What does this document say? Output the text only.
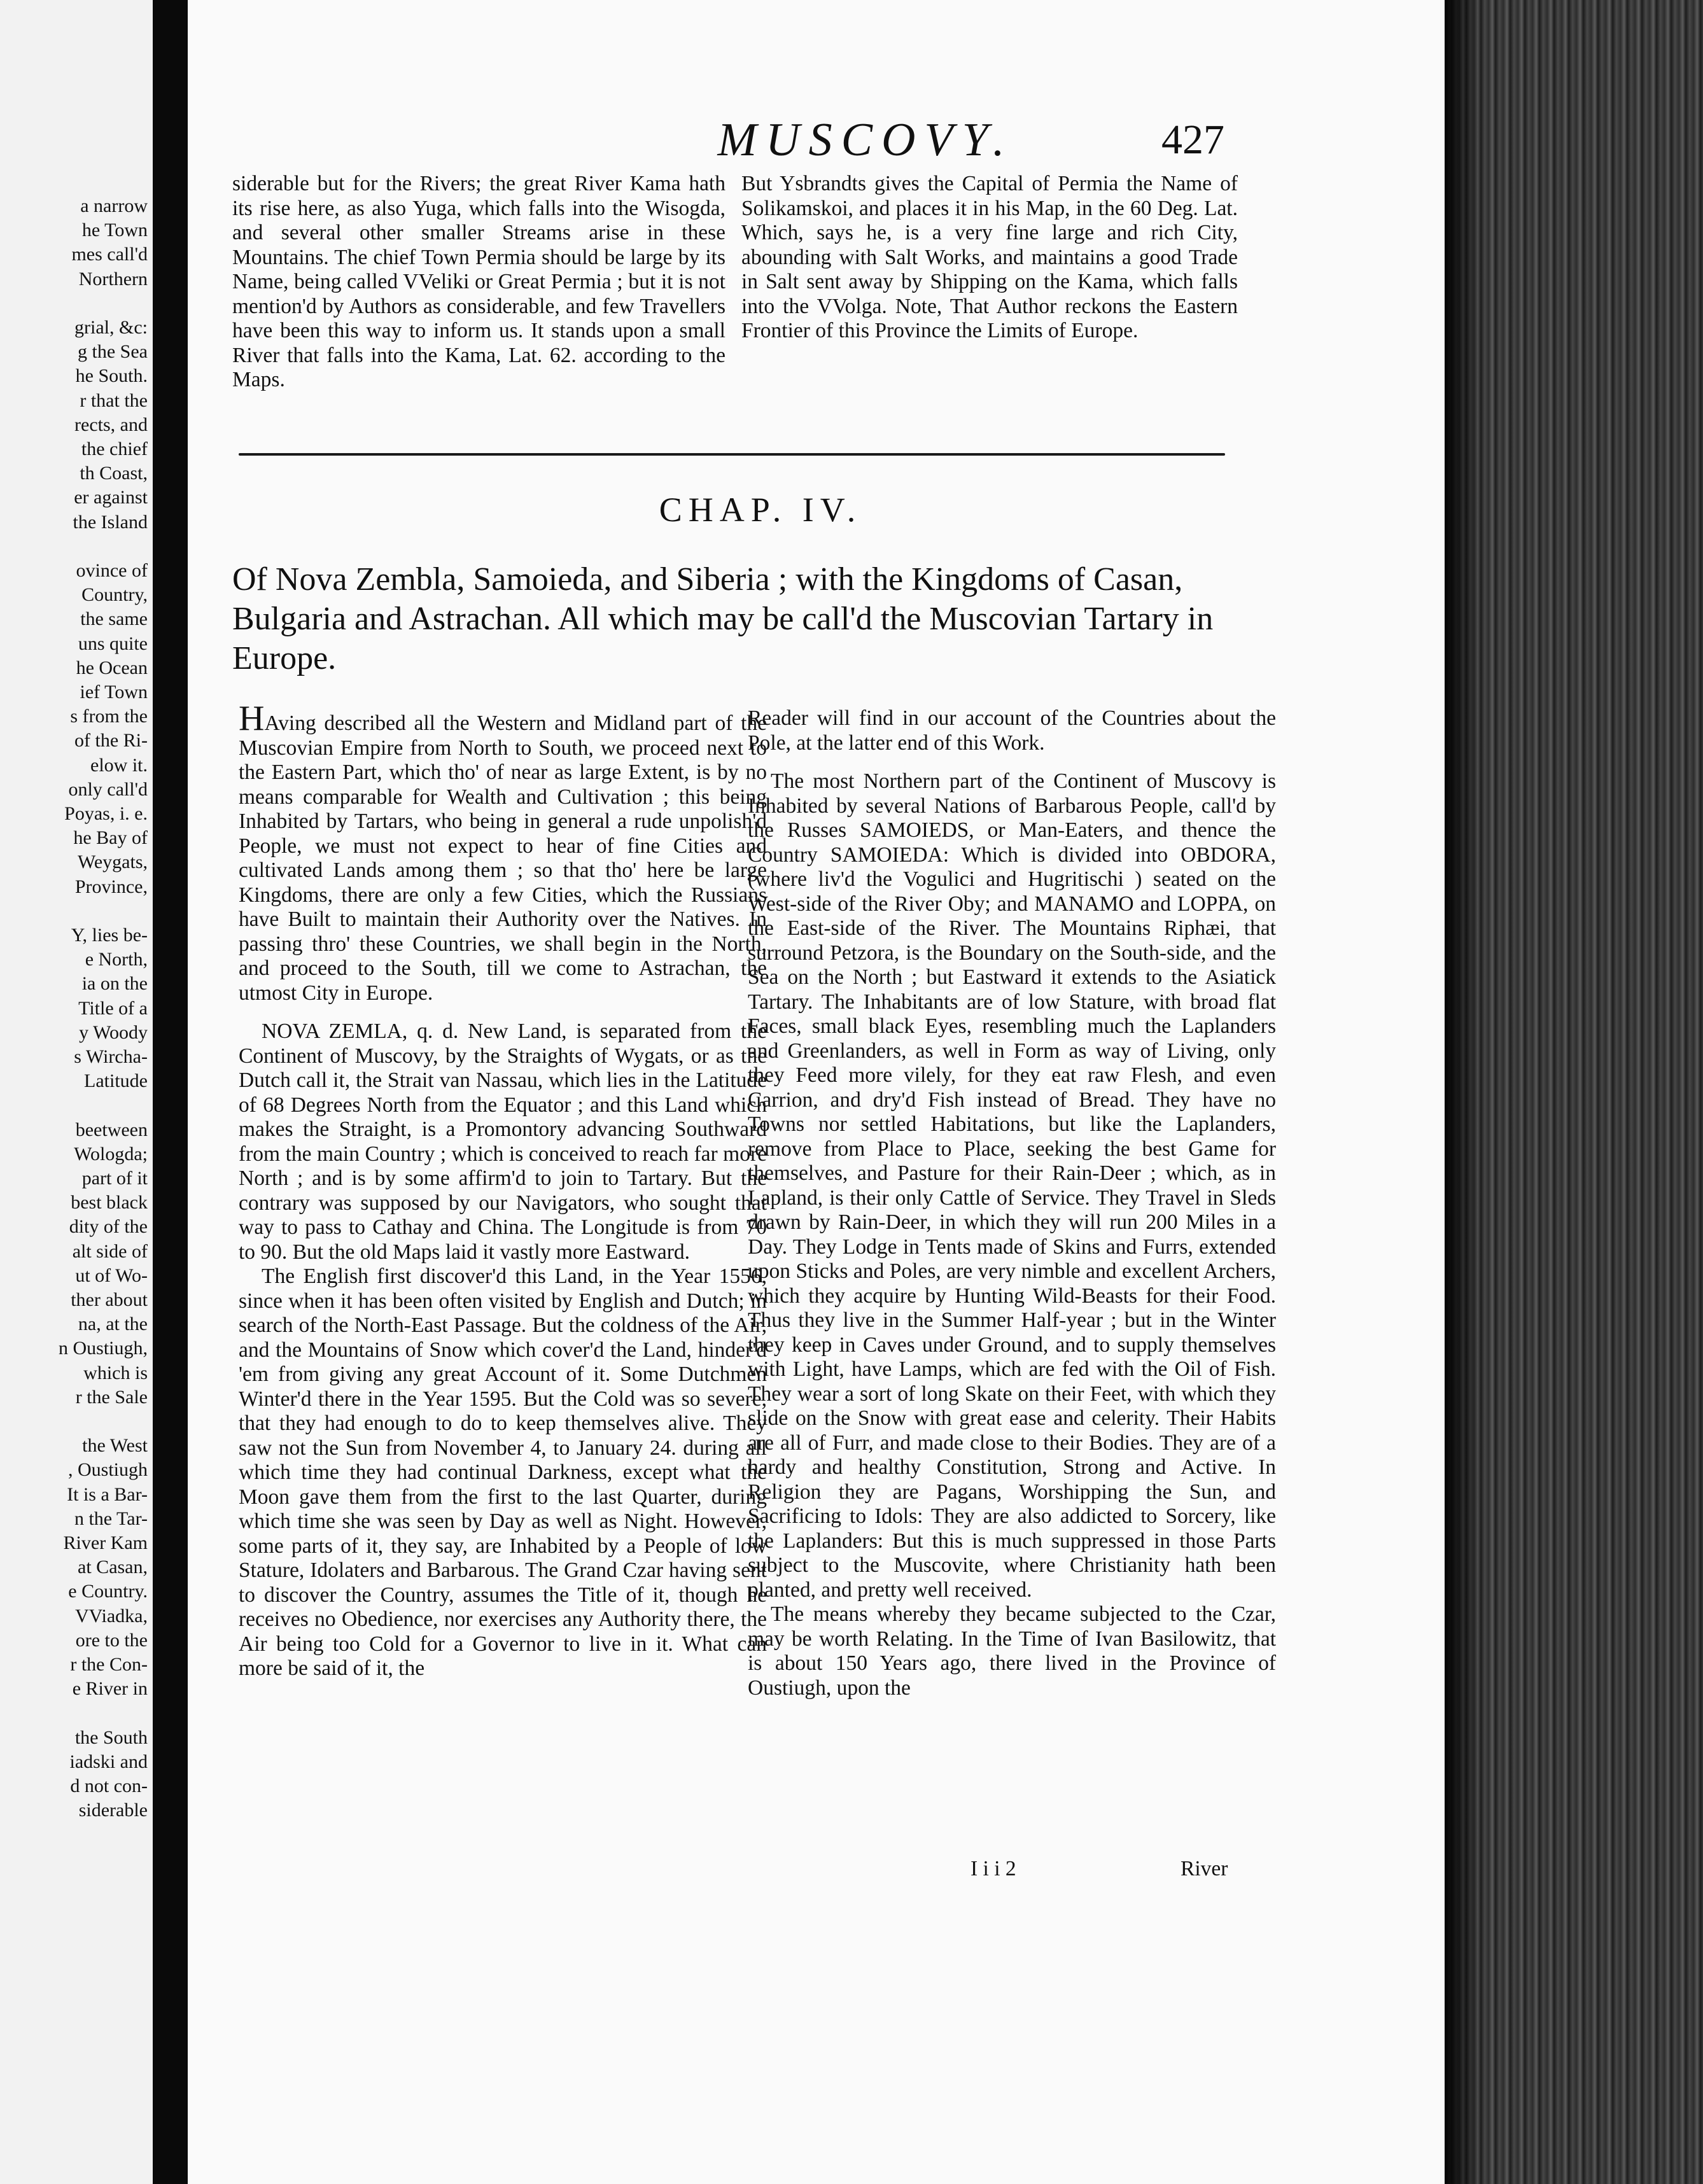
a narrow
he Town
mes call'd
Northern
grial, &c:
g the Sea
he South.
r that the
rects, and
the chief
th Coast,
er against
the Island
ovince of
Country,
the same
uns quite
he Ocean
ief Town
s from the
of the Ri-
elow it.
only call'd
Poyas, i. e.
he Bay of
Weygats,
Province,
Y, lies be-
e North,
ia on the
Title of a
y Woody
s Wircha-
Latitude
beetween
Wologda;
part of it
best black
dity of the
alt side of
ut of Wo-
ther about
na, at the
n Oustiugh,
which is
r the Sale
the West
, Oustiugh
It is a Bar-
n the Tar-
River Kam
at Casan,
e Country.
VViadka,
ore to the
r the Con-
e River in
the South
iadski and
d not con-
siderable
MUSCOVY.	427

siderable but for the Rivers; the great River Kama hath its rise here, as also Yuga, which falls into the Wisogda, and several other smaller Streams arise in these Mountains. The chief Town Permia should be large by its Name, being called VVeliki or Great Permia ; but it is not mention'd by Authors as considerable, and few Travellers have been this way to inform us. It stands upon a small River that falls into the Kama, Lat. 62. according to the Maps.

But Ysbrandts gives the Capital of Permia the Name of Solikamskoi, and places it in his Map, in the 60 Deg. Lat. Which, says he, is a very fine large and rich City, abounding with Salt Works, and maintains a good Trade in Salt sent away by Shipping on the Kama, which falls into the VVolga. Note, That Author reckons the Eastern Frontier of this Province the Limits of Europe.

CHAP. IV.
Of Nova Zembla, Samoieda, and Siberia ; with the Kingdoms of Casan, Bulgaria and Astrachan. All which may be call'd the Muscovian Tartary in Europe.

HAving described all the Western and Midland part of the Muscovian Empire from North to South, we proceed next to the Eastern Part, which tho' of near as large Extent, is by no means comparable for Wealth and Cultivation ; this being Inhabited by Tartars, who being in general a rude unpolish'd People, we must not expect to hear of fine Cities and cultivated Lands among them ; so that tho' here be large Kingdoms, there are only a few Cities, which the Russians have Built to maintain their Authority over the Natives. In passing thro' these Countries, we shall begin in the North, and proceed to the South, till we come to Astrachan, the utmost City in Europe.

NOVA ZEMLA, q. d. New Land, is separated from the Continent of Muscovy, by the Straights of Wygats, or as the Dutch call it, the Strait van Nassau, which lies in the Latitude of 68 Degrees North from the Equator ; and this Land which makes the Straight, is a Promontory advancing Southward from the main Country ; which is conceived to reach far more North ; and is by some affirm'd to join to Tartary. But the contrary was supposed by our Navigators, who sought that way to pass to Cathay and China. The Longitude is from 70 to 90. But the old Maps laid it vastly more Eastward.

The English first discover'd this Land, in the Year 1556, since when it has been often visited by English and Dutch; in search of the North-East Passage. But the coldness of the Air, and the Mountains of Snow which cover'd the Land, hinder'd 'em from giving any great Account of it. Some Dutchmen Winter'd there in the Year 1595. But the Cold was so severe, that they had enough to do to keep themselves alive. They saw not the Sun from November 4, to January 24. during all which time they had continual Darkness, except what the Moon gave them from the first to the last Quarter, during which time she was seen by Day as well as Night. However, some parts of it, they say, are Inhabited by a People of low Stature, Idolaters and Barbarous. The Grand Czar having sent to discover the Country, assumes the Title of it, though he receives no Obedience, nor exercises any Authority there, the Air being too Cold for a Governor to live in it. What can more be said of it, the

Reader will find in our account of the Countries about the Pole, at the latter end of this Work.

The most Northern part of the Continent of Muscovy is Inhabited by several Nations of Barbarous People, call'd by the Russes SAMOIEDS, or Man-Eaters, and thence the Country SAMOIEDA: Which is divided into OBDORA, (where liv'd the Vogulici and Hugritischi ) seated on the West-side of the River Oby; and MANAMO and LOPPA, on the East-side of the River. The Mountains Riphæi, that surround Petzora, is the Boundary on the South-side, and the Sea on the North ; but Eastward it extends to the Asiatick Tartary. The Inhabitants are of low Stature, with broad flat Faces, small black Eyes, resembling much the Laplanders and Greenlanders, as well in Form as way of Living, only they Feed more vilely, for they eat raw Flesh, and even Carrion, and dry'd Fish instead of Bread. They have no Towns nor settled Habitations, but like the Laplanders, remove from Place to Place, seeking the best Game for themselves, and Pasture for their Rain-Deer ; which, as in Lapland, is their only Cattle of Service. They Travel in Sleds drawn by Rain-Deer, in which they will run 200 Miles in a Day. They Lodge in Tents made of Skins and Furrs, extended upon Sticks and Poles, are very nimble and excellent Archers, which they acquire by Hunting Wild-Beasts for their Food. Thus they live in the Summer Half-year ; but in the Winter they keep in Caves under Ground, and to supply themselves with Light, have Lamps, which are fed with the Oil of Fish. They wear a sort of long Skate on their Feet, with which they slide on the Snow with great ease and celerity. Their Habits are all of Furr, and made close to their Bodies. They are of a hardy and healthy Constitution, Strong and Active. In Religion they are Pagans, Worshipping the Sun, and Sacrificing to Idols: They are also addicted to Sorcery, like the Laplanders: But this is much suppressed in those Parts subject to the Muscovite, where Christianity hath been planted, and pretty well received.

The means whereby they became subjected to the Czar, may be worth Relating. In the Time of Ivan Basilowitz, that is about 150 Years ago, there lived in the Province of Oustiugh, upon the

I i i 2	River
